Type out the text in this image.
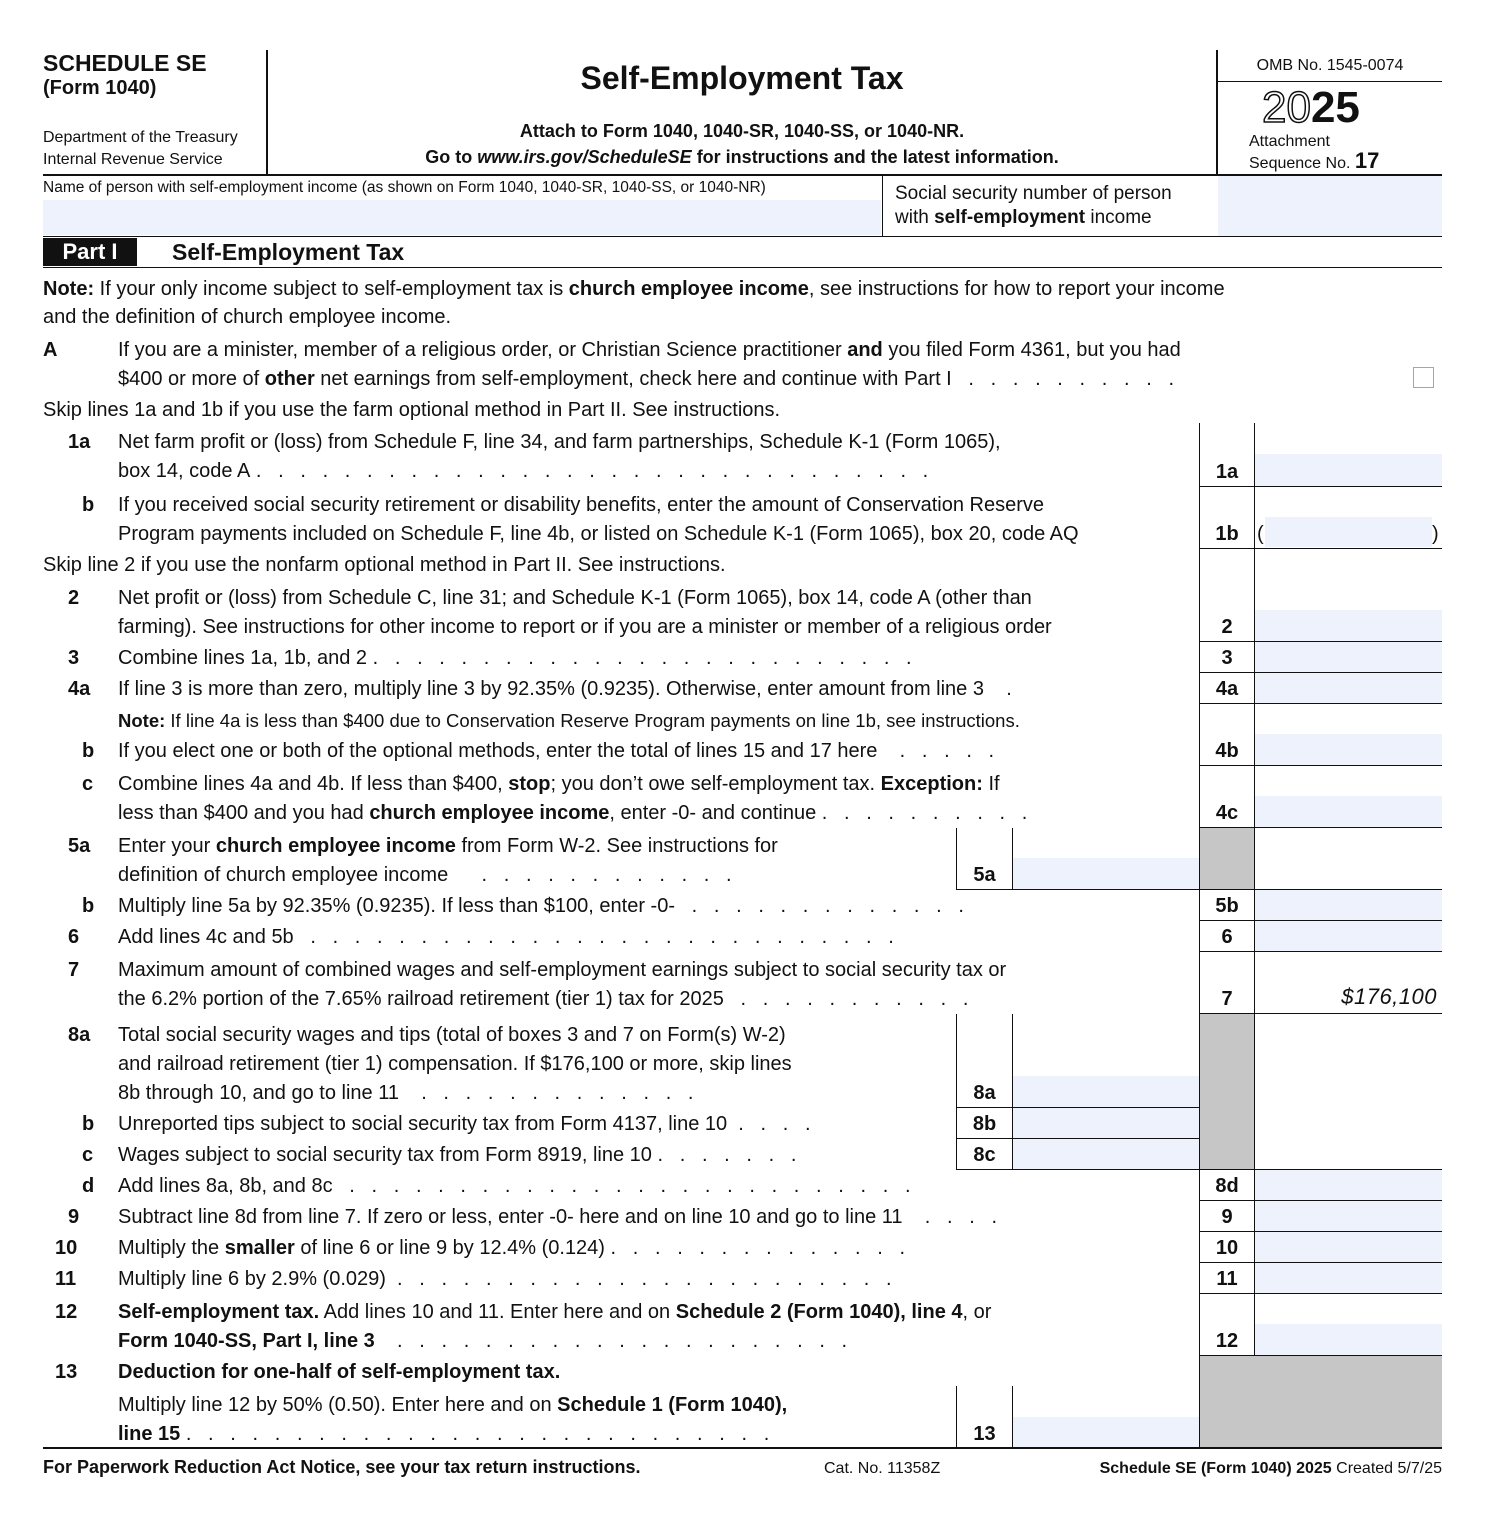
SCHEDULE SE
(Form 1040)
Department of the Treasury
Internal Revenue Service
Self-Employment Tax
Attach to Form 1040, 1040-SR, 1040-SS, or 1040-NR.
Go to www.irs.gov/ScheduleSE for instructions and the latest information.
OMB No. 1545-0074
2025
Attachment
Sequence No. 17
Name of person with self-employment income (as shown on Form 1040, 1040-SR, 1040-SS, or 1040-NR)	Social security number of person
with self-employment income
Part I	Self-Employment Tax
Note: If your only income subject to self-employment tax is church employee income, see instructions for how to report your income
and the definition of church employee income.
A	If you are a minister, member of a religious order, or Christian Science practitioner and you filed Form 4361, but you had
$400 or more of other net earnings from self-employment, check here and continue with Part I   .   .   .   .   .   .   .   .   .   .
Skip lines 1a and 1b if you use the farm optional method in Part II. See instructions.
1a Net farm profit or (loss) from Schedule F, line 34, and farm partnerships, Schedule K-1 (Form 1065),
box 14, code A .   .   .   .   .   .   .   .   .   .   .   .   .   .   .   .   .   .   .   .   .   .   .   .   .   .   .   .   .   .   .	1a
b If you received social security retirement or disability benefits, enter the amount of Conservation Reserve
Program payments included on Schedule F, line 4b, or listed on Schedule K-1 (Form 1065), box 20, code AQ	1b (	)
Skip line 2 if you use the nonfarm optional method in Part II. See instructions.
2 Net profit or (loss) from Schedule C, line 31; and Schedule K-1 (Form 1065), box 14, code A (other than
farming). See instructions for other income to report or if you are a minister or member of a religious order	2
3 Combine lines 1a, 1b, and 2 .   .   .   .   .   .   .   .   .   .   .   .   .   .   .   .   .   .   .   .   .   .   .   .   .	3
4a If line 3 is more than zero, multiply line 3 by 92.35% (0.9235). Otherwise, enter amount from line 3    .	4a
Note: If line 4a is less than $400 due to Conservation Reserve Program payments on line 1b, see instructions.
b If you elect one or both of the optional methods, enter the total of lines 15 and 17 here    .   .   .   .   .	4b
c Combine lines 4a and 4b. If less than $400, stop; you don’t owe self-employment tax. Exception: If
less than $400 and you had church employee income, enter -0- and continue .   .   .   .   .   .   .   .   .   .	4c
5a Enter your church employee income from Form W-2. See instructions for
definition of church employee income      .   .   .   .   .   .   .   .   .   .   .   .	5a
b Multiply line 5a by 92.35% (0.9235). If less than $100, enter -0-   .   .   .   .   .   .   .   .   .   .   .   .   .	5b
6 Add lines 4c and 5b   .   .   .   .   .   .   .   .   .   .   .   .   .   .   .   .   .   .   .   .   .   .   .   .   .   .   .	6
7 Maximum amount of combined wages and self-employment earnings subject to social security tax or
the 6.2% portion of the 7.65% railroad retirement (tier 1) tax for 2025   .   .   .   .   .   .   .   .   .   .   .	7	$176,100
8a Total social security wages and tips (total of boxes 3 and 7 on Form(s) W-2)
and railroad retirement (tier 1) compensation. If $176,100 or more, skip lines
8b through 10, and go to line 11    .   .   .   .   .   .   .   .   .   .   .   .   .	8a
b Unreported tips subject to social security tax from Form 4137, line 10  .   .   .   .	8b
c Wages subject to social security tax from Form 8919, line 10 .   .   .   .   .   .   .	8c
d Add lines 8a, 8b, and 8c   .   .   .   .   .   .   .   .   .   .   .   .   .   .   .   .   .   .   .   .   .   .   .   .   .   .	8d
9 Subtract line 8d from line 7. If zero or less, enter -0- here and on line 10 and go to line 11    .   .   .   .	9
10 Multiply the smaller of line 6 or line 9 by 12.4% (0.124) .   .   .   .   .   .   .   .   .   .   .   .   .   .	10
11 Multiply line 6 by 2.9% (0.029)  .   .   .   .   .   .   .   .   .   .   .   .   .   .   .   .   .   .   .   .   .   .   .	11
12 Self-employment tax. Add lines 10 and 11. Enter here and on Schedule 2 (Form 1040), line 4, or
Form 1040-SS, Part I, line 3    .   .   .   .   .   .   .   .   .   .   .   .   .   .   .   .   .   .   .   .   .	12
13 Deduction for one-half of self-employment tax.
Multiply line 12 by 50% (0.50). Enter here and on Schedule 1 (Form 1040),
line 15 .   .   .   .   .   .   .   .   .   .   .   .   .   .   .   .   .   .   .   .   .   .   .   .   .   .   .	13
For Paperwork Reduction Act Notice, see your tax return instructions.	Cat. No. 11358Z	Schedule SE (Form 1040) 2025 Created 5/7/25
